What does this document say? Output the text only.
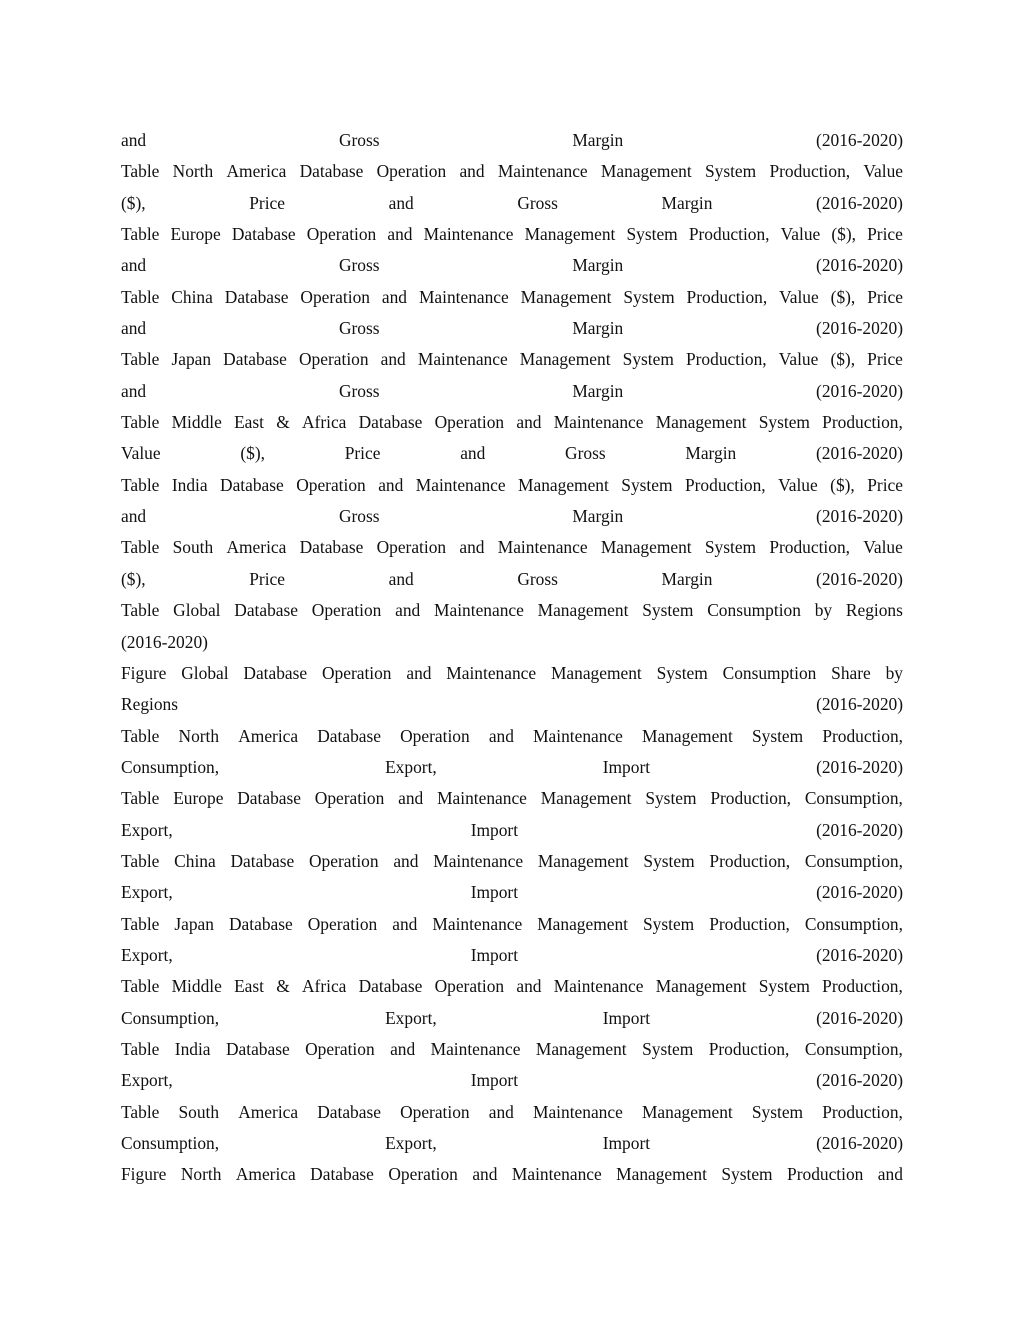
and	Gross	Margin	(2016-2020)
Table North America Database Operation and Maintenance Management System Production, Value
($),	Price	and	Gross	Margin	(2016-2020)
Table Europe Database Operation and Maintenance Management System Production, Value ($), Price
and	Gross	Margin	(2016-2020)
Table China Database Operation and Maintenance Management System Production, Value ($), Price
and	Gross	Margin	(2016-2020)
Table Japan Database Operation and Maintenance Management System Production, Value ($), Price
and	Gross	Margin	(2016-2020)
Table Middle East & Africa Database Operation and Maintenance Management System Production,
Value	($),	Price	and	Gross	Margin	(2016-2020)
Table India Database Operation and Maintenance Management System Production, Value ($), Price
and	Gross	Margin	(2016-2020)
Table South America Database Operation and Maintenance Management System Production, Value
($),	Price	and	Gross	Margin	(2016-2020)
Table Global Database Operation and Maintenance Management System Consumption by Regions
(2016-2020)
Figure Global Database Operation and Maintenance Management System Consumption Share by
Regions	(2016-2020)
Table North America Database Operation and Maintenance Management System Production,
Consumption,	Export,	Import	(2016-2020)
Table Europe Database Operation and Maintenance Management System Production, Consumption,
Export,	Import	(2016-2020)
Table China Database Operation and Maintenance Management System Production, Consumption,
Export,	Import	(2016-2020)
Table Japan Database Operation and Maintenance Management System Production, Consumption,
Export,	Import	(2016-2020)
Table Middle East & Africa Database Operation and Maintenance Management System Production,
Consumption,	Export,	Import	(2016-2020)
Table India Database Operation and Maintenance Management System Production, Consumption,
Export,	Import	(2016-2020)
Table South America Database Operation and Maintenance Management System Production,
Consumption,	Export,	Import	(2016-2020)
Figure North America Database Operation and Maintenance Management System Production and
